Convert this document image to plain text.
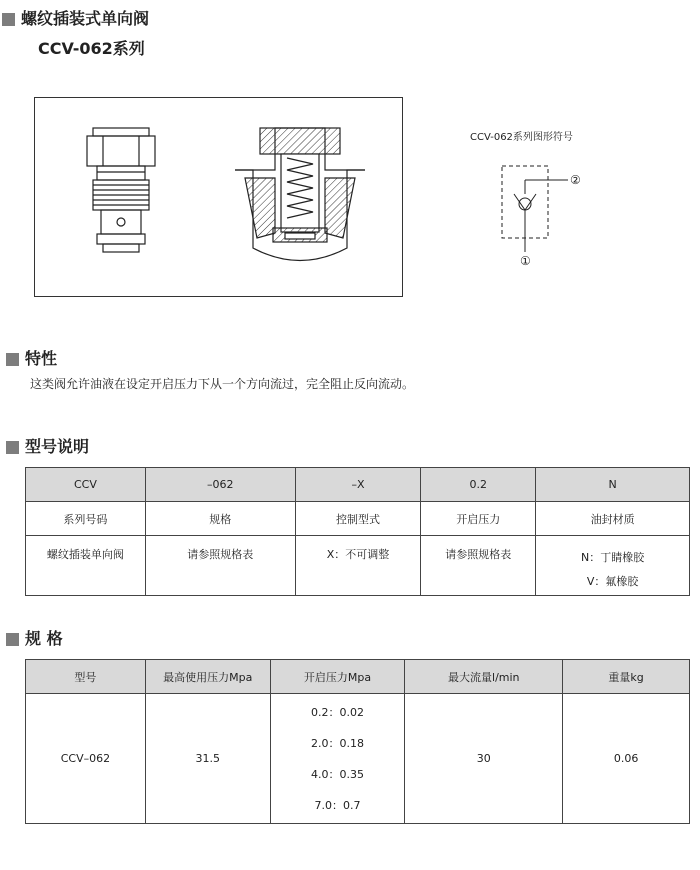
螺纹插装式单向阀
CCV-062系列
CCV-062系列图形符号
②
①
特性
这类阀允许油液在设定开启压力下从一个方向流过，完全阻止反向流动。
型号说明
CCV	–062	–X	0.2	N
系列号码	规格	控制型式	开启压力	油封材质
螺纹插装单向阀	请参照规格表	X：不可调整	请参照规格表	N：丁睛橡胶
V：氟橡胶
规 格
型号	最高使用压力Mpa	开启压力Mpa	最大流量l/min	重量kg
CCV–062	31.5	0.2：0.02
2.0：0.18
4.0：0.35
7.0：0.7	30	0.06
